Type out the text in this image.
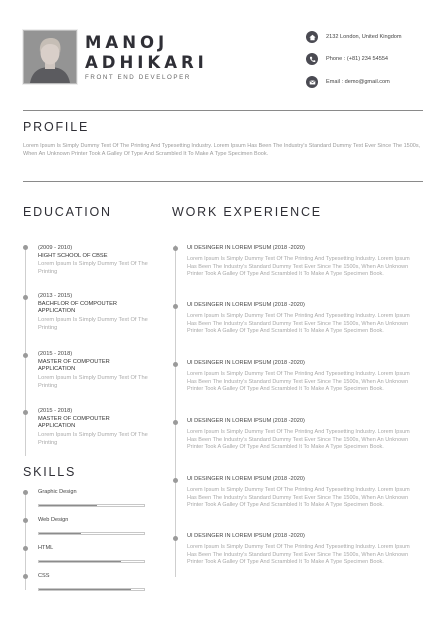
MANOJ
ADHIKARI
FRONT END DEVELOPER
2132 London, United Kingdom
Phone : (+81) 234 54554
Email : demo@gmail.com
PROFILE
Lorem Ipsum Is Simply Dummy Text Of The Printing And Typesetting Industry. Lorem Ipsum Has Been The Industry's Standard Dummy Text Ever Since The 1500s, When An Unknown Printer Took A Galley Of Type And Scrambled It To Make A Type Specimen Book.
EDUCATION
(2009 - 2010)
HIGHT SCHOOL OF CBSE
Lorem Ipsum Is Simply Dummy Text Of The Printing
(2013 - 2015)
BACHFLOR OF COMPOUTER APPLICATION
Lorem Ipsum Is Simply Dummy Text Of The Printing
(2015 - 2018)
MASTER OF COMPOUTER APPLICATION
Lorem Ipsum Is Simply Dummy Text Of The Printing
(2015 - 2018)
MASTER OF COMPOUTER APPLICATION
Lorem Ipsum Is Simply Dummy Text Of The Printing
SKILLS
Graphic Design
Web Design
HTML
CSS
WORK EXPERIENCE
UI DESINGER IN LOREM IPSUM (2018 -2020)
Lorem Ipsum Is Simply Dummy Text Of The Printing And Typesetting Industry. Lorem Ipsum Has Been The Industry's Standard Dummy Text Ever Since The 1500s, When An Unknown Printer Took A Galley Of Type And Scrambled It To Make A Type Specimen Book.
UI DESINGER IN LOREM IPSUM (2018 -2020)
Lorem Ipsum Is Simply Dummy Text Of The Printing And Typesetting Industry. Lorem Ipsum Has Been The Industry's Standard Dummy Text Ever Since The 1500s, When An Unknown Printer Took A Galley Of Type And Scrambled It To Make A Type Specimen Book.
UI DESINGER IN LOREM IPSUM (2018 -2020)
Lorem Ipsum Is Simply Dummy Text Of The Printing And Typesetting Industry. Lorem Ipsum Has Been The Industry's Standard Dummy Text Ever Since The 1500s, When An Unknown Printer Took A Galley Of Type And Scrambled It To Make A Type Specimen Book.
UI DESINGER IN LOREM IPSUM (2018 -2020)
Lorem Ipsum Is Simply Dummy Text Of The Printing And Typesetting Industry. Lorem Ipsum Has Been The Industry's Standard Dummy Text Ever Since The 1500s, When An Unknown Printer Took A Galley Of Type And Scrambled It To Make A Type Specimen Book.
UI DESINGER IN LOREM IPSUM (2018 -2020)
Lorem Ipsum Is Simply Dummy Text Of The Printing And Typesetting Industry. Lorem Ipsum Has Been The Industry's Standard Dummy Text Ever Since The 1500s, When An Unknown Printer Took A Galley Of Type And Scrambled It To Make A Type Specimen Book.
UI DESINGER IN LOREM IPSUM (2018 -2020)
Lorem Ipsum Is Simply Dummy Text Of The Printing And Typesetting Industry. Lorem Ipsum Has Been The Industry's Standard Dummy Text Ever Since The 1500s, When An Unknown Printer Took A Galley Of Type And Scrambled It To Make A Type Specimen Book.
